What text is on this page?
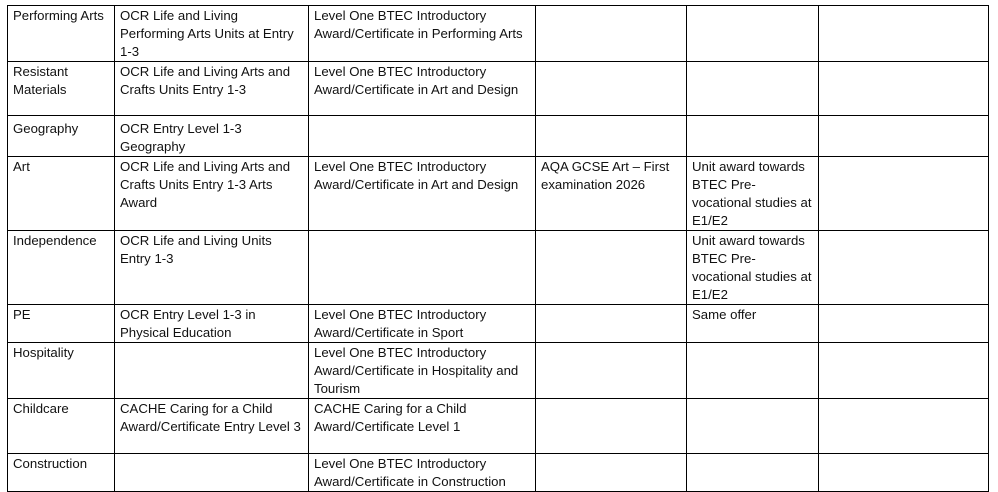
Performing Arts	OCR Life and Living Performing Arts Units at Entry 1-3	Level One BTEC Introductory Award/Certificate in Performing Arts			
Resistant Materials	OCR Life and Living Arts and Crafts Units Entry 1-3	Level One BTEC Introductory Award/Certificate in Art and Design			
Geography	OCR Entry Level 1-3 Geography				
Art	OCR Life and Living Arts and Crafts Units Entry 1-3 Arts Award	Level One BTEC Introductory Award/Certificate in Art and Design	AQA GCSE Art – First examination 2026	Unit award towards BTEC Pre-vocational studies at E1/E2	
Independence	OCR Life and Living Units Entry 1-3			Unit award towards BTEC Pre-vocational studies at E1/E2	
PE	OCR Entry Level 1-3 in Physical Education	Level One BTEC Introductory Award/Certificate in Sport		Same offer	
Hospitality		Level One BTEC Introductory Award/Certificate in Hospitality and Tourism			
Childcare	CACHE Caring for a Child Award/Certificate Entry Level 3	CACHE Caring for a Child Award/Certificate Level 1			
Construction		Level One BTEC Introductory Award/Certificate in Construction			
